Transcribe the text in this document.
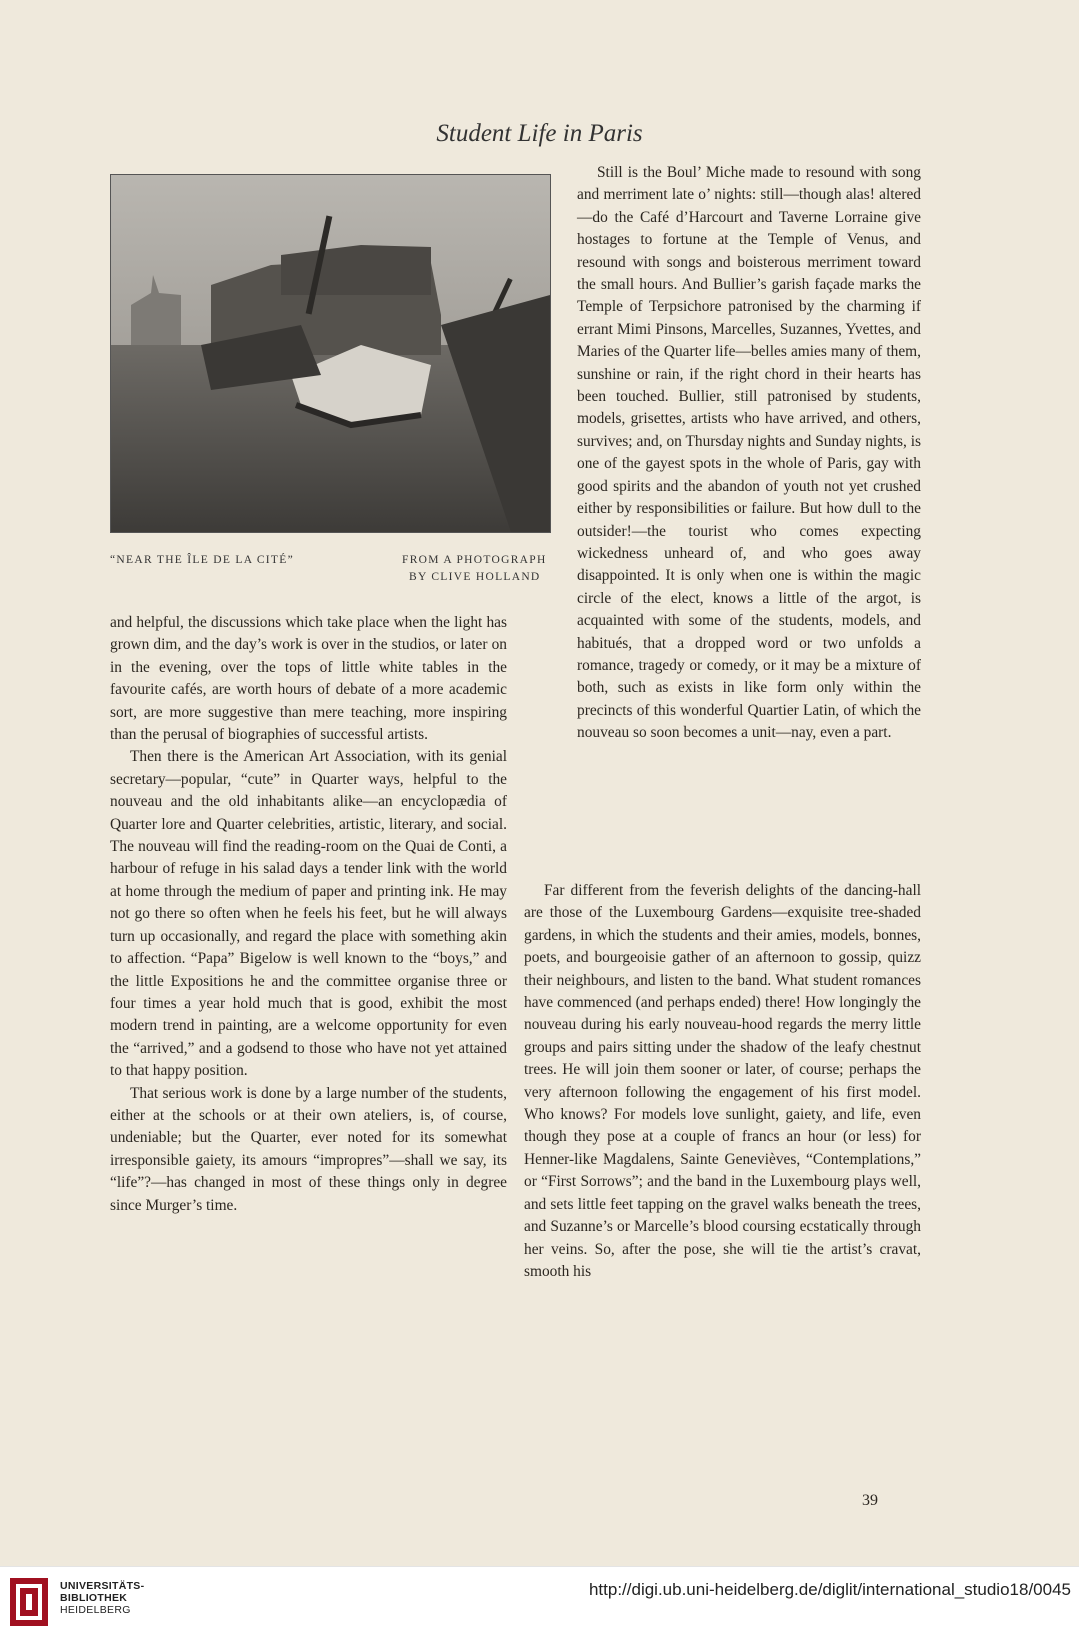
Student Life in Paris
“NEAR THE ÎLE DE LA CITÉ”	FROM A PHOTOGRAPH
BY CLIVE HOLLAND

Still is the Boul’ Miche made to resound with song and merriment late o’ nights: still—though alas! altered—do the Café d’Harcourt and Taverne Lorraine give hostages to fortune at the Temple of Venus, and resound with songs and boisterous merriment toward the small hours. And Bullier’s garish façade marks the Temple of Terpsichore patronised by the charming if errant Mimi Pinsons, Marcelles, Suzannes, Yvettes, and Maries of the Quarter life—belles amies many of them, sunshine or rain, if the right chord in their hearts has been touched. Bullier, still patronised by students, models, grisettes, artists who have arrived, and others, survives; and, on Thursday nights and Sunday nights, is one of the gayest spots in the whole of Paris, gay with good spirits and the abandon of youth not yet crushed either by responsibilities or failure. But how dull to the outsider!—the tourist who comes expecting wickedness unheard of, and who goes away disappointed. It is only when one is within the magic circle of the elect, knows a little of the argot, is acquainted with some of the students, models, and habitués, that a dropped word or two unfolds a romance, tragedy or comedy, or it may be a mixture of both, such as exists in like form only within the precincts of this wonderful Quartier Latin, of which the nouveau so soon becomes a unit—nay, even a part.

and helpful, the discussions which take place when the light has grown dim, and the day’s work is over in the studios, or later on in the evening, over the tops of little white tables in the favourite cafés, are worth hours of debate of a more academic sort, are more suggestive than mere teaching, more inspiring than the perusal of biographies of successful artists.

Then there is the American Art Association, with its genial secretary—popular, “cute” in Quarter ways, helpful to the nouveau and the old inhabitants alike—an encyclopædia of Quarter lore and Quarter celebrities, artistic, literary, and social. The nouveau will find the reading-room on the Quai de Conti, a harbour of refuge in his salad days a tender link with the world at home through the medium of paper and printing ink. He may not go there so often when he feels his feet, but he will always turn up occasionally, and regard the place with something akin to affection. “Papa” Bigelow is well known to the “boys,” and the little Expositions he and the committee organise three or four times a year hold much that is good, exhibit the most modern trend in painting, are a welcome opportunity for even the “arrived,” and a godsend to those who have not yet attained to that happy position.

That serious work is done by a large number of the students, either at the schools or at their own ateliers, is, of course, undeniable; but the Quarter, ever noted for its somewhat irresponsible gaiety, its amours “impropres”—shall we say, its “life”?—has changed in most of these things only in degree since Murger’s time.

Far different from the feverish delights of the dancing-hall are those of the Luxembourg Gardens—exquisite tree-shaded gardens, in which the students and their amies, models, bonnes, poets, and bourgeoisie gather of an afternoon to gossip, quizz their neighbours, and listen to the band. What student romances have commenced (and perhaps ended) there! How longingly the nouveau during his early nouveau-hood regards the merry little groups and pairs sitting under the shadow of the leafy chestnut trees. He will join them sooner or later, of course; perhaps the very afternoon following the engagement of his first model. Who knows? For models love sunlight, gaiety, and life, even though they pose at a couple of francs an hour (or less) for Henner-like Magdalens, Sainte Genevièves, “Contemplations,” or “First Sorrows”; and the band in the Luxembourg plays well, and sets little feet tapping on the gravel walks beneath the trees, and Suzanne’s or Marcelle’s blood coursing ecstatically through her veins. So, after the pose, she will tie the artist’s cravat, smooth his

39
UNIVERSITÄTS-
BIBLIOTHEK
HEIDELBERG
http://digi.ub.uni-heidelberg.de/diglit/international_studio18/0045
